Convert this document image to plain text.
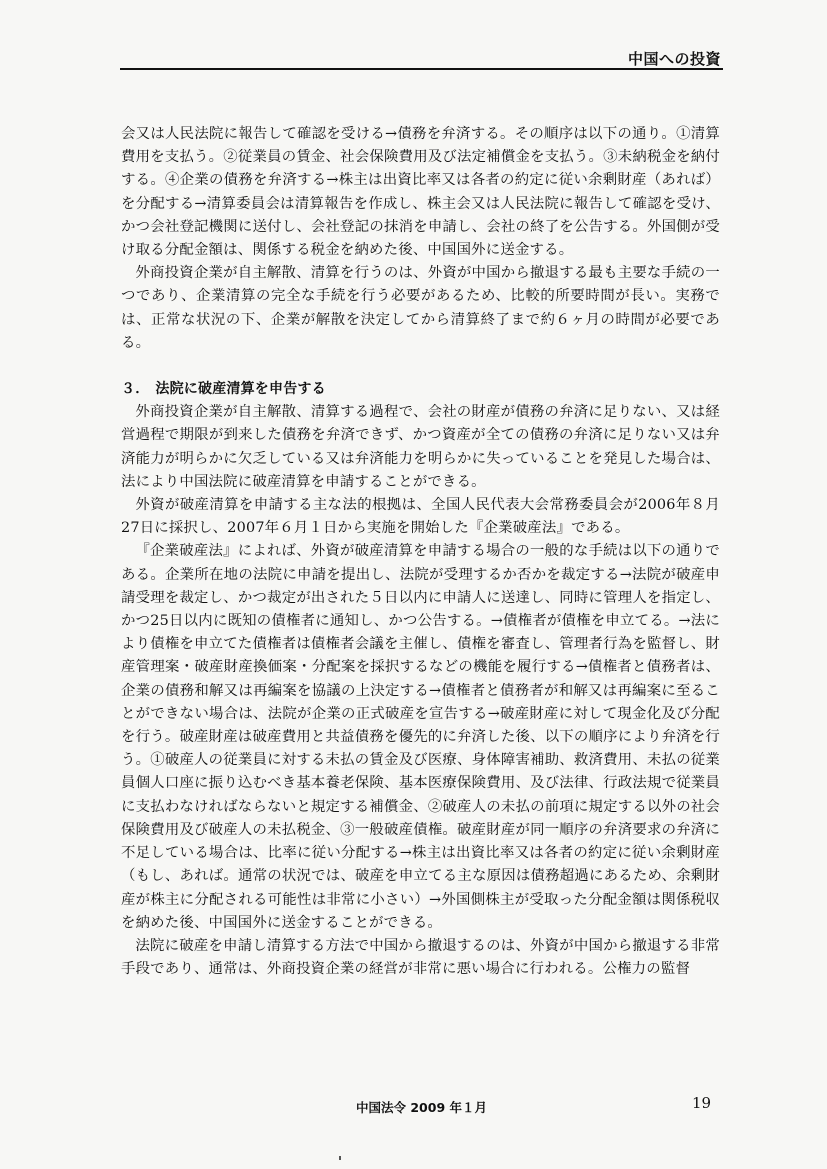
中国への投資

会又は人民法院に報告して確認を受ける→債務を弁済する。その順序は以下の通り。①清算費用を支払う。②従業員の賃金、社会保険費用及び法定補償金を支払う。③未納税金を納付する。④企業の債務を弁済する→株主は出資比率又は各者の約定に従い余剰財産（あれば）を分配する→清算委員会は清算報告を作成し、株主会又は人民法院に報告して確認を受け、かつ会社登記機関に送付し、会社登記の抹消を申請し、会社の終了を公告する。外国側が受け取る分配金額は、関係する税金を納めた後、中国国外に送金する。

外商投資企業が自主解散、清算を行うのは、外資が中国から撤退する最も主要な手続の一つであり、企業清算の完全な手続を行う必要があるため、比較的所要時間が長い。実務では、正常な状況の下、企業が解散を決定してから清算終了まで約６ヶ月の時間が必要である。

３． 法院に破産清算を申告する

外商投資企業が自主解散、清算する過程で、会社の財産が債務の弁済に足りない、又は経営過程で期限が到来した債務を弁済できず、かつ資産が全ての債務の弁済に足りない又は弁済能力が明らかに欠乏している又は弁済能力を明らかに失っていることを発見した場合は、法により中国法院に破産清算を申請することができる。

外資が破産清算を申請する主な法的根拠は、全国人民代表大会常務委員会が2006年８月27日に採択し、2007年６月１日から実施を開始した『企業破産法』である。

『企業破産法』によれば、外資が破産清算を申請する場合の一般的な手続は以下の通りである。企業所在地の法院に申請を提出し、法院が受理するか否かを裁定する→法院が破産申請受理を裁定し、かつ裁定が出された５日以内に申請人に送達し、同時に管理人を指定し、かつ25日以内に既知の債権者に通知し、かつ公告する。→債権者が債権を申立てる。→法により債権を申立てた債権者は債権者会議を主催し、債権を審査し、管理者行為を監督し、財産管理案・破産財産換価案・分配案を採択するなどの機能を履行する→債権者と債務者は、企業の債務和解又は再編案を協議の上決定する→債権者と債務者が和解又は再編案に至ることができない場合は、法院が企業の正式破産を宣告する→破産財産に対して現金化及び分配を行う。破産財産は破産費用と共益債務を優先的に弁済した後、以下の順序により弁済を行う。①破産人の従業員に対する未払の賃金及び医療、身体障害補助、救済費用、未払の従業員個人口座に振り込むべき基本養老保険、基本医療保険費用、及び法律、行政法規で従業員に支払わなければならないと規定する補償金、②破産人の未払の前項に規定する以外の社会保険費用及び破産人の未払税金、③一般破産債権。破産財産が同一順序の弁済要求の弁済に不足している場合は、比率に従い分配する→株主は出資比率又は各者の約定に従い余剰財産（もし、あれば。通常の状況では、破産を申立てる主な原因は債務超過にあるため、余剰財産が株主に分配される可能性は非常に小さい）→外国側株主が受取った分配金額は関係税収を納めた後、中国国外に送金することができる。

法院に破産を申請し清算する方法で中国から撤退するのは、外資が中国から撤退する非常手段であり、通常は、外商投資企業の経営が非常に悪い場合に行われる。公権力の監督

中国法令 2009 年１月	19
